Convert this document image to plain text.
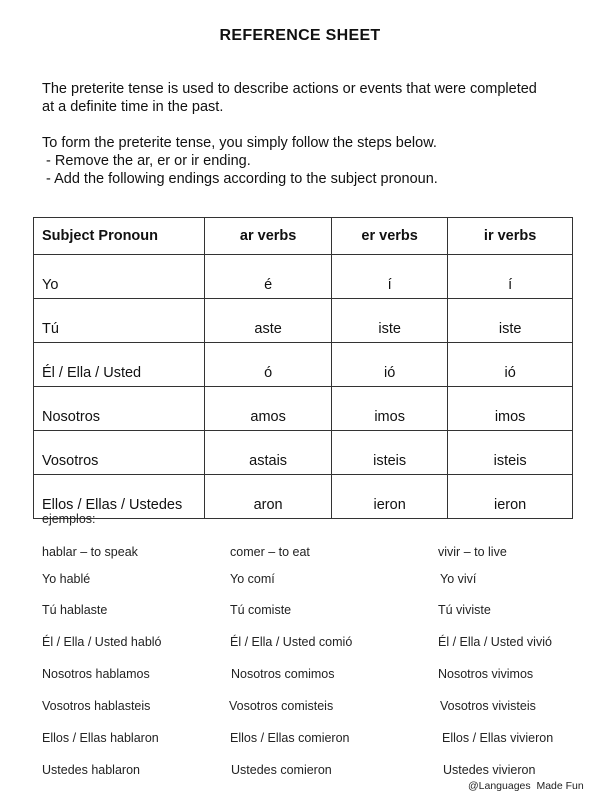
REFERENCE SHEET

The preterite tense is used to describe actions or events that were completed

at a definite time in the past.

To form the preterite tense, you simply follow the steps below.

- Remove the ar, er or ir ending.

- Add the following endings according to the subject pronoun.

Subject Pronoun	ar verbs	er verbs	ir verbs
Yo	é	í	í
Tú	aste	iste	iste
Él / Ella / Usted	ó	ió	ió
Nosotros	amos	imos	imos
Vosotros	astais	isteis	isteis
Ellos / Ellas / Ustedes	aron	ieron	ieron
ejemplos:
hablar – to speak	comer – to eat	vivir – to live
Yo hablé	Yo comí	Yo viví
Tú hablaste	Tú comiste	Tú viviste
Él / Ella / Usted habló	Él / Ella / Usted comió	Él / Ella / Usted vivió
Nosotros hablamos	Nosotros comimos	Nosotros vivimos
Vosotros hablasteis	Vosotros comisteis	Vosotros vivisteis
Ellos / Ellas hablaron	Ellos / Ellas comieron	Ellos / Ellas vivieron
Ustedes hablaron	Ustedes comieron	Ustedes vivieron
@Languages  Made Fun
